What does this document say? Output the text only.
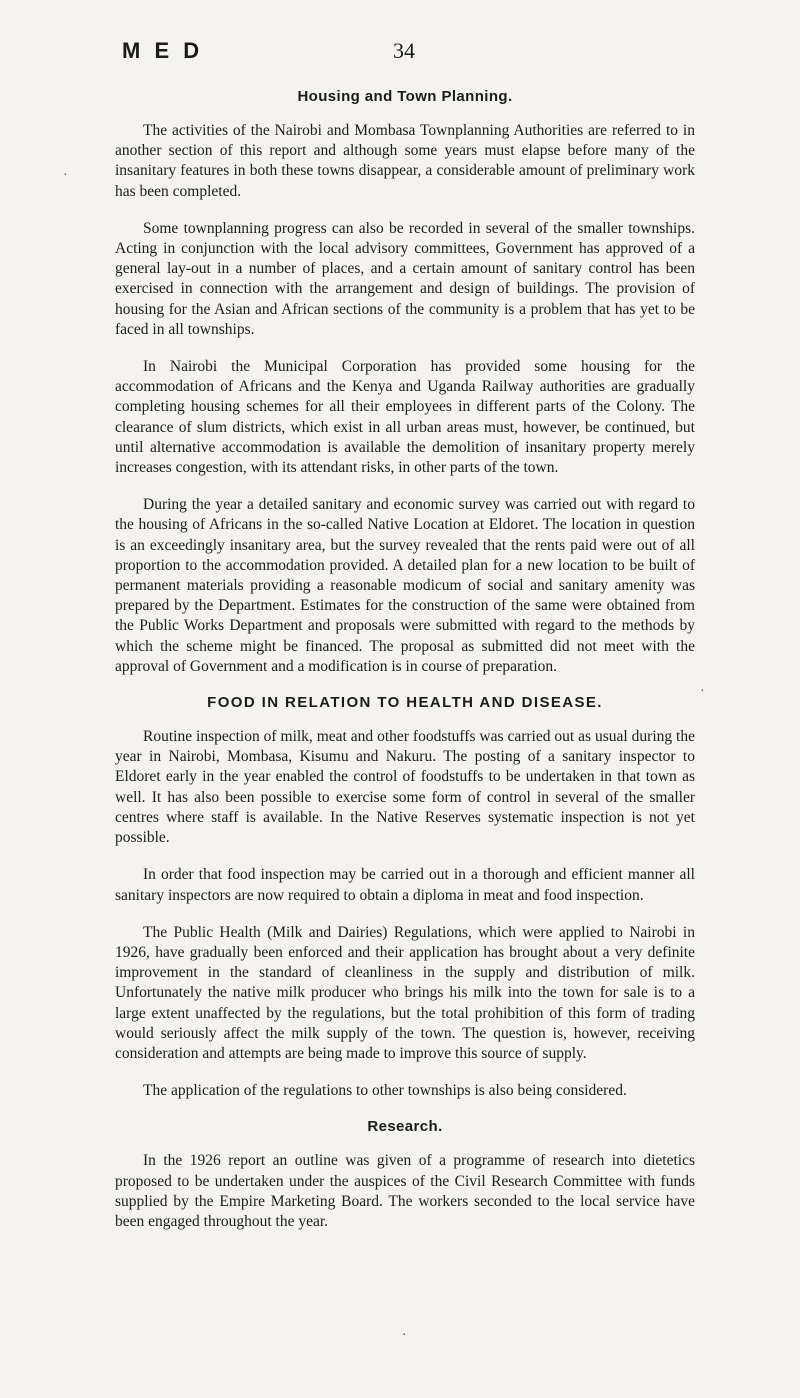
M E D	34
Housing and Town Planning.

The activities of the Nairobi and Mombasa Townplanning Authorities are referred to in another section of this report and although some years must elapse before many of the insanitary features in both these towns disappear, a considerable amount of preliminary work has been completed.

Some townplanning progress can also be recorded in several of the smaller townships. Acting in conjunction with the local advisory committees, Government has approved of a general lay-out in a number of places, and a certain amount of sanitary control has been exercised in connection with the arrangement and design of buildings. The provision of housing for the Asian and African sections of the community is a problem that has yet to be faced in all townships.

In Nairobi the Municipal Corporation has provided some housing for the accommodation of Africans and the Kenya and Uganda Railway authorities are gradually completing housing schemes for all their employees in different parts of the Colony. The clearance of slum districts, which exist in all urban areas must, however, be continued, but until alternative accommodation is available the demolition of insanitary property merely increases congestion, with its attendant risks, in other parts of the town.

During the year a detailed sanitary and economic survey was carried out with regard to the housing of Africans in the so-called Native Location at Eldoret. The location in question is an exceedingly insanitary area, but the survey revealed that the rents paid were out of all proportion to the accommodation provided. A detailed plan for a new location to be built of permanent materials providing a reasonable modicum of social and sanitary amenity was prepared by the Department. Estimates for the construction of the same were obtained from the Public Works Department and proposals were submitted with regard to the methods by which the scheme might be financed. The proposal as submitted did not meet with the approval of Government and a modification is in course of preparation.

FOOD IN RELATION TO HEALTH AND DISEASE.

Routine inspection of milk, meat and other foodstuffs was carried out as usual during the year in Nairobi, Mombasa, Kisumu and Nakuru. The posting of a sanitary inspector to Eldoret early in the year enabled the control of foodstuffs to be undertaken in that town as well. It has also been possible to exercise some form of control in several of the smaller centres where staff is available. In the Native Reserves systematic inspection is not yet possible.

In order that food inspection may be carried out in a thorough and efficient manner all sanitary inspectors are now required to obtain a diploma in meat and food inspection.

The Public Health (Milk and Dairies) Regulations, which were applied to Nairobi in 1926, have gradually been enforced and their application has brought about a very definite improvement in the standard of cleanliness in the supply and distribution of milk. Unfortunately the native milk producer who brings his milk into the town for sale is to a large extent unaffected by the regulations, but the total prohibition of this form of trading would seriously affect the milk supply of the town. The question is, however, receiving consideration and attempts are being made to improve this source of supply.

The application of the regulations to other townships is also being considered.

Research.

In the 1926 report an outline was given of a programme of research into dietetics proposed to be undertaken under the auspices of the Civil Research Committee with funds supplied by the Empire Marketing Board. The workers seconded to the local service have been engaged throughout the year.

·
·
·
